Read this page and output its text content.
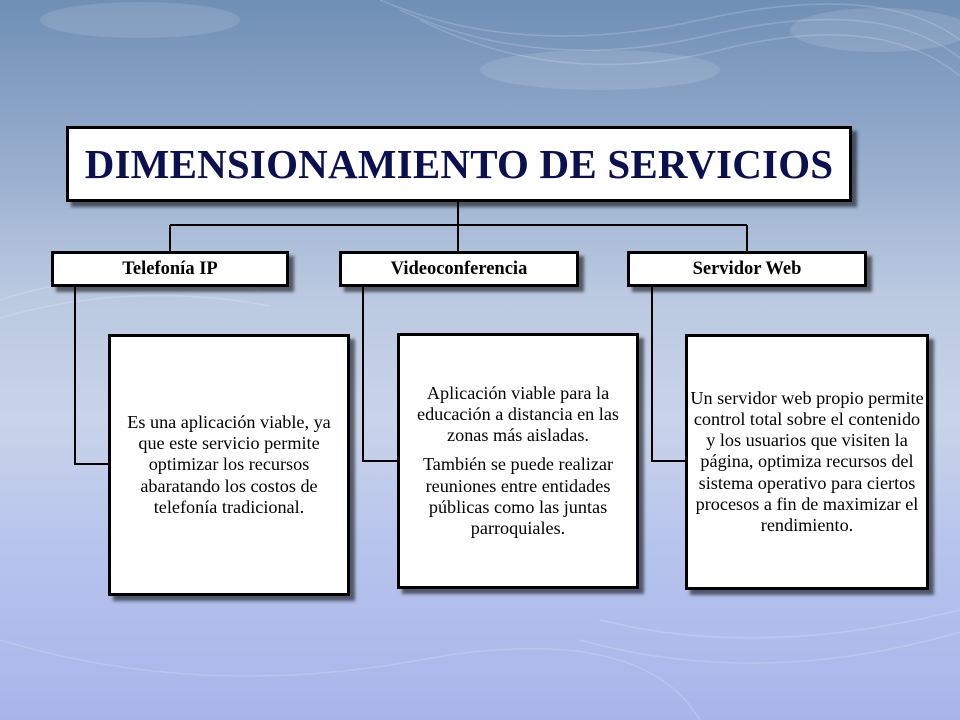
DIMENSIONAMIENTO DE SERVICIOS
Telefonía IP	Videoconferencia	Servidor Web

Es una aplicación viable, ya que este servicio permite optimizar los recursos abaratando los costos de telefonía tradicional.

Aplicación viable para la educación a distancia en las zonas más aisladas.

También se puede realizar reuniones entre entidades públicas como las juntas parroquiales.

Un servidor web propio permite control total sobre el contenido y los usuarios que visiten la página, optimiza recursos del sistema operativo para ciertos procesos a fin de maximizar el rendimiento.
